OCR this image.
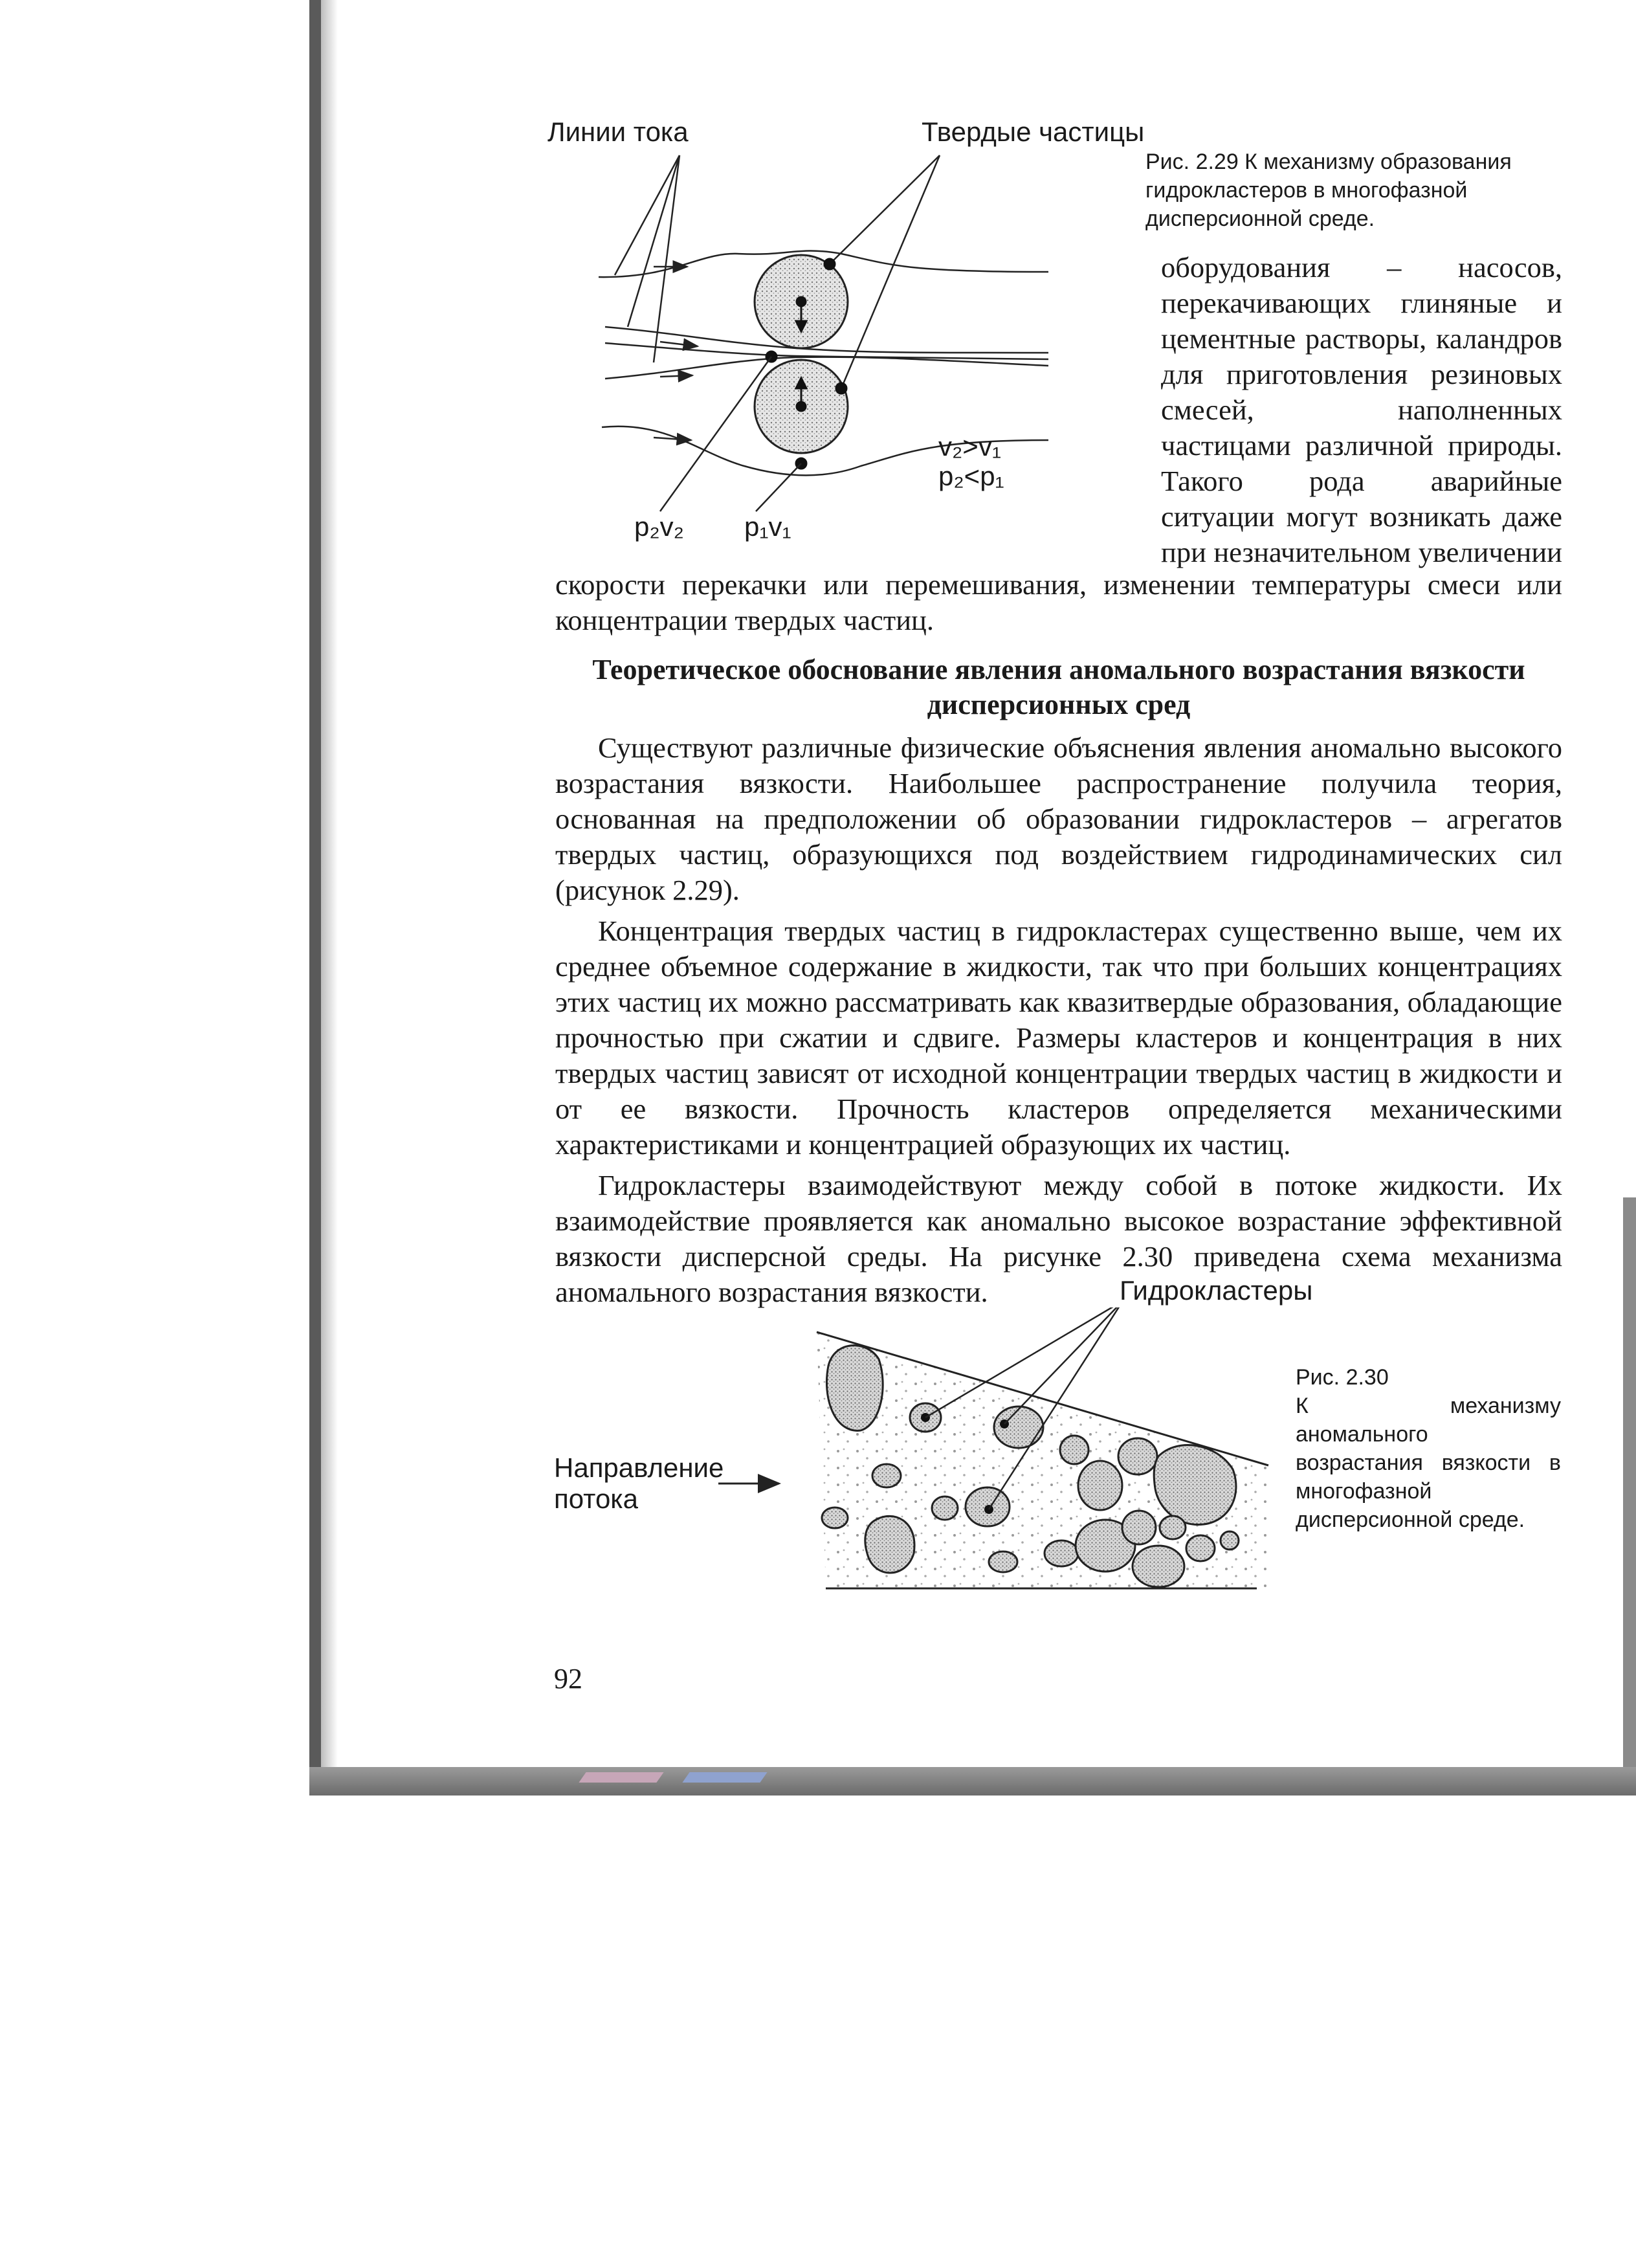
Линии тока	Твердые частицы
p₂v₂ p₁v₁
v₂>v₁
p₂<p₁
Рис. 2.29 К механизму образования гидрокластеров в многофазной дисперсионной среде.
оборудования – насосов, перекачивающих глиняные и цементные растворы, каландров для приготовления резиновых смесей, наполненных частицами различной природы. Такого рода аварийные ситуации могут возникать даже при незначительном увеличении

скорости перекачки или перемешивания, изменении температуры смеси или концентрации твердых частиц.

Теоретическое обоснование явления аномального возрастания вязкости дисперсионных сред

Существуют различные физические объяснения явления аномально высокого возрастания вязкости. Наибольшее распространение получила теория, основанная на предположении об образовании гидрокластеров – агрегатов твердых частиц, образующихся под воздействием гидродинамических сил (рисунок 2.29).

Концентрация твердых частиц в гидрокластерах существенно выше, чем их среднее объемное содержание в жидкости, так что при больших концентрациях этих частиц их можно рассматривать как квазитвердые образования, обладающие прочностью при сжатии и сдвиге. Размеры кластеров и концентрация в них твердых частиц зависят от исходной концентрации твердых частиц в жидкости и от ее вязкости. Прочность кластеров определяется механическими характеристиками и концентрацией образующих их частиц.

Гидрокластеры взаимодействуют между собой в потоке жидкости. Их взаимодействие проявляется как аномально высокое возрастание эффективной вязкости дисперсной среды. На рисунке 2.30 приведена схема механизма аномального возрастания вязкости.	Гидрокластеры
Направление
потока
Рис. 2.30
К механизму аномального возрастания вязкости в многофазной дисперсионной среде.
92
